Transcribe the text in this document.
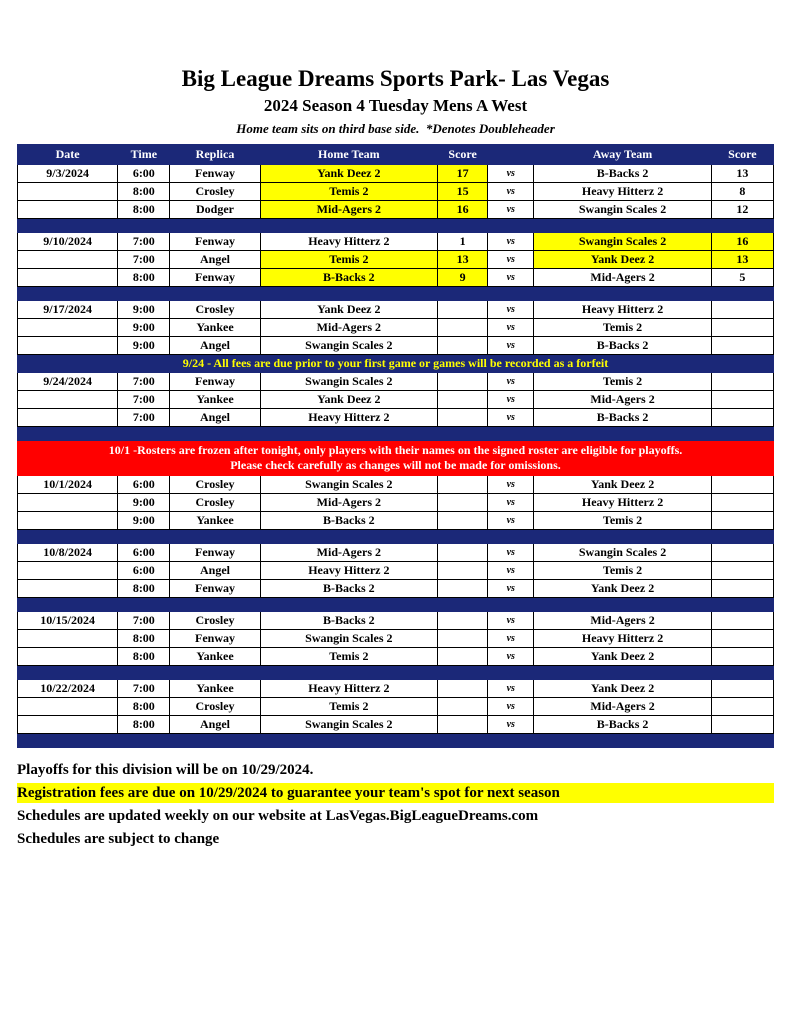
Big League Dreams Sports Park- Las Vegas
2024 Season 4 Tuesday Mens A West
Home team sits on third base side.  *Denotes Doubleheader
Date	Time	Replica	Home Team	Score		Away Team	Score
9/3/2024	6:00	Fenway	Yank Deez 2	17	vs	B-Backs 2	13
	8:00	Crosley	Temis 2	15	vs	Heavy Hitterz 2	8
	8:00	Dodger	Mid-Agers 2	16	vs	Swangin Scales 2	12

9/10/2024	7:00	Fenway	Heavy Hitterz 2	1	vs	Swangin Scales 2	16
	7:00	Angel	Temis 2	13	vs	Yank Deez 2	13
	8:00	Fenway	B-Backs 2	9	vs	Mid-Agers 2	5

9/17/2024	9:00	Crosley	Yank Deez 2		vs	Heavy Hitterz 2	
	9:00	Yankee	Mid-Agers 2		vs	Temis 2	
	9:00	Angel	Swangin Scales 2		vs	B-Backs 2	

9/24 - All fees are due prior to your first game or games will be recorded as a forfeit							

9/24/2024	7:00	Fenway	Swangin Scales 2		vs	Temis 2	
	7:00	Yankee	Yank Deez 2		vs	Mid-Agers 2	
	7:00	Angel	Heavy Hitterz 2		vs	B-Backs 2	

10/1 -Rosters are frozen after tonight, only players with their names on the signed roster are eligible for playoffs.
Please check carefully as changes will not be made for omissions.							

10/1/2024	6:00	Crosley	Swangin Scales 2		vs	Yank Deez 2	
	9:00	Crosley	Mid-Agers 2		vs	Heavy Hitterz 2	
	9:00	Yankee	B-Backs 2		vs	Temis 2	

10/8/2024	6:00	Fenway	Mid-Agers 2		vs	Swangin Scales 2	
	6:00	Angel	Heavy Hitterz 2		vs	Temis 2	
	8:00	Fenway	B-Backs 2		vs	Yank Deez 2	

10/15/2024	7:00	Crosley	B-Backs 2		vs	Mid-Agers 2	
	8:00	Fenway	Swangin Scales 2		vs	Heavy Hitterz 2	
	8:00	Yankee	Temis 2		vs	Yank Deez 2	

10/22/2024	7:00	Yankee	Heavy Hitterz 2		vs	Yank Deez 2	
	8:00	Crosley	Temis 2		vs	Mid-Agers 2	
	8:00	Angel	Swangin Scales 2		vs	B-Backs 2	

Playoffs for this division will be on 10/29/2024.
Registration fees are due on 10/29/2024 to guarantee your team's spot for next season
Schedules are updated weekly on our website at LasVegas.BigLeagueDreams.com
Schedules are subject to change
